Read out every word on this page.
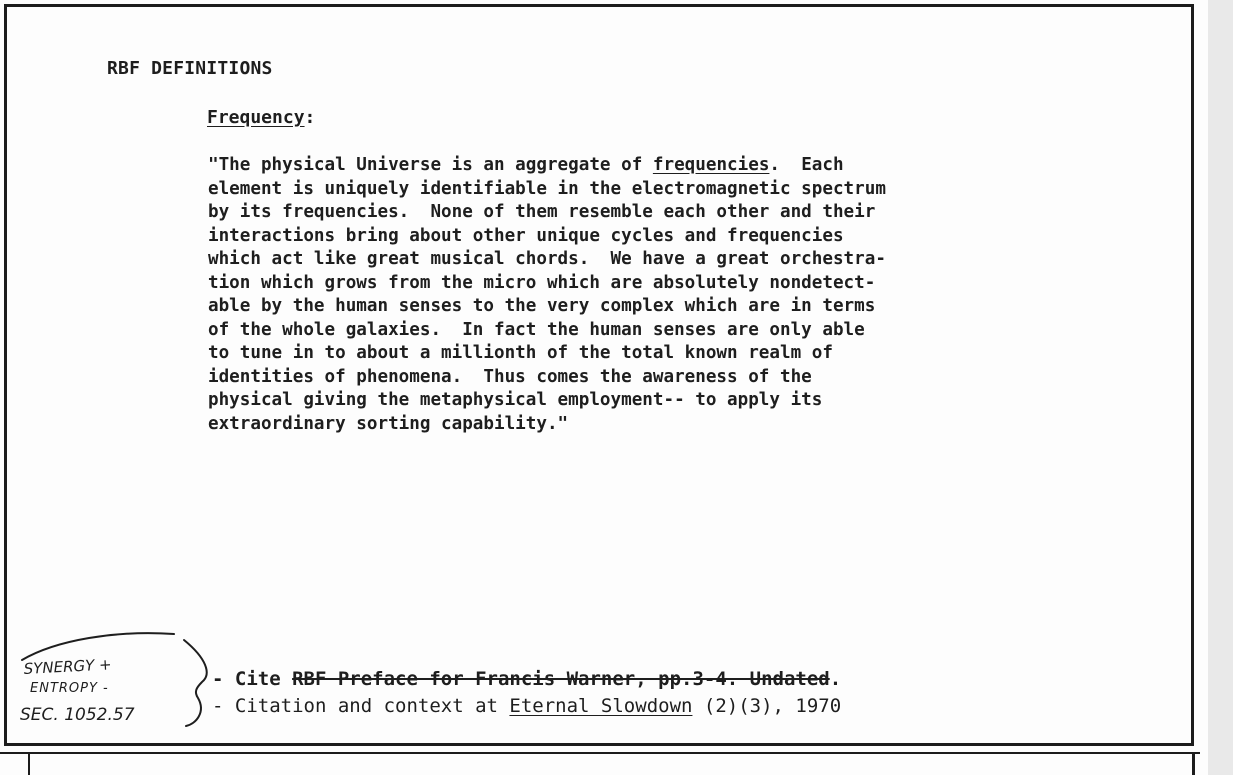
RBF DEFINITIONS
Frequency:
"The physical Universe is an aggregate of frequencies.  Each
element is uniquely identifiable in the electromagnetic spectrum
by its frequencies.  None of them resemble each other and their
interactions bring about other unique cycles and frequencies
which act like great musical chords.  We have a great orchestra-
tion which grows from the micro which are absolutely nondetect-
able by the human senses to the very complex which are in terms
of the whole galaxies.  In fact the human senses are only able
to tune in to about a millionth of the total known realm of
identities of phenomena.  Thus comes the awareness of the
physical giving the metaphysical employment-- to apply its
extraordinary sorting capability."
- Cite RBF Preface for Francis Warner, pp.3-4. Undated.
- Citation and context at Eternal Slowdown (2)(3), 1970
SYNERGY +
ENTROPY -
SEC. 1052.57
